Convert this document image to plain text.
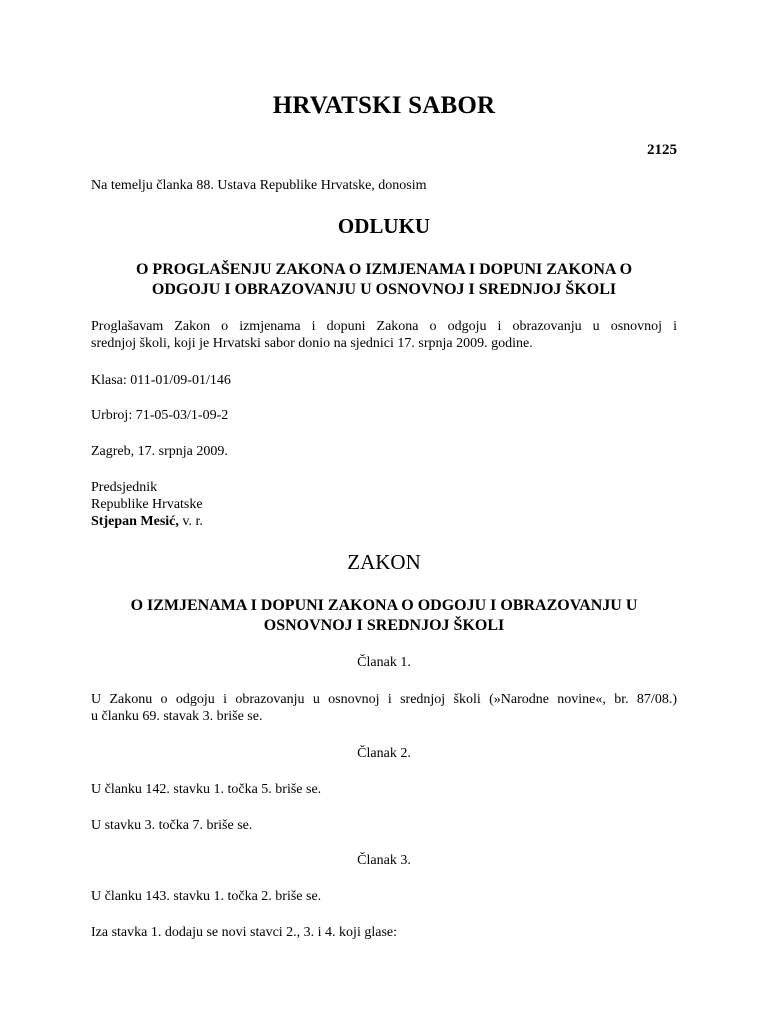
HRVATSKI SABOR
2125

Na temelju članka 88. Ustava Republike Hrvatske, donosim

ODLUKU
O PROGLAŠENJU ZAKONA O IZMJENAMA I DOPUNI ZAKONA O
ODGOJU I OBRAZOVANJU U OSNOVNOJ I SREDNJOJ ŠKOLI
Proglašavam Zakon o izmjenama i dopuni Zakona o odgoju i obrazovanju u osnovnoj i
srednjoj školi, koji je Hrvatski sabor donio na sjednici 17. srpnja 2009. godine.

Klasa: 011-01/09-01/146

Urbroj: 71-05-03/1-09-2

Zagreb, 17. srpnja 2009.

Predsjednik
Republike Hrvatske
Stjepan Mesić, v. r.
ZAKON
O IZMJENAMA I DOPUNI ZAKONA O ODGOJU I OBRAZOVANJU U
OSNOVNOJ I SREDNJOJ ŠKOLI

Članak 1.

U Zakonu o odgoju i obrazovanju u osnovnoj i srednjoj školi (»Narodne novine«, br. 87/08.)
u članku 69. stavak 3. briše se.

Članak 2.

U članku 142. stavku 1. točka 5. briše se.

U stavku 3. točka 7. briše se.

Članak 3.

U članku 143. stavku 1. točka 2. briše se.

Iza stavka 1. dodaju se novi stavci 2., 3. i 4. koji glase:
